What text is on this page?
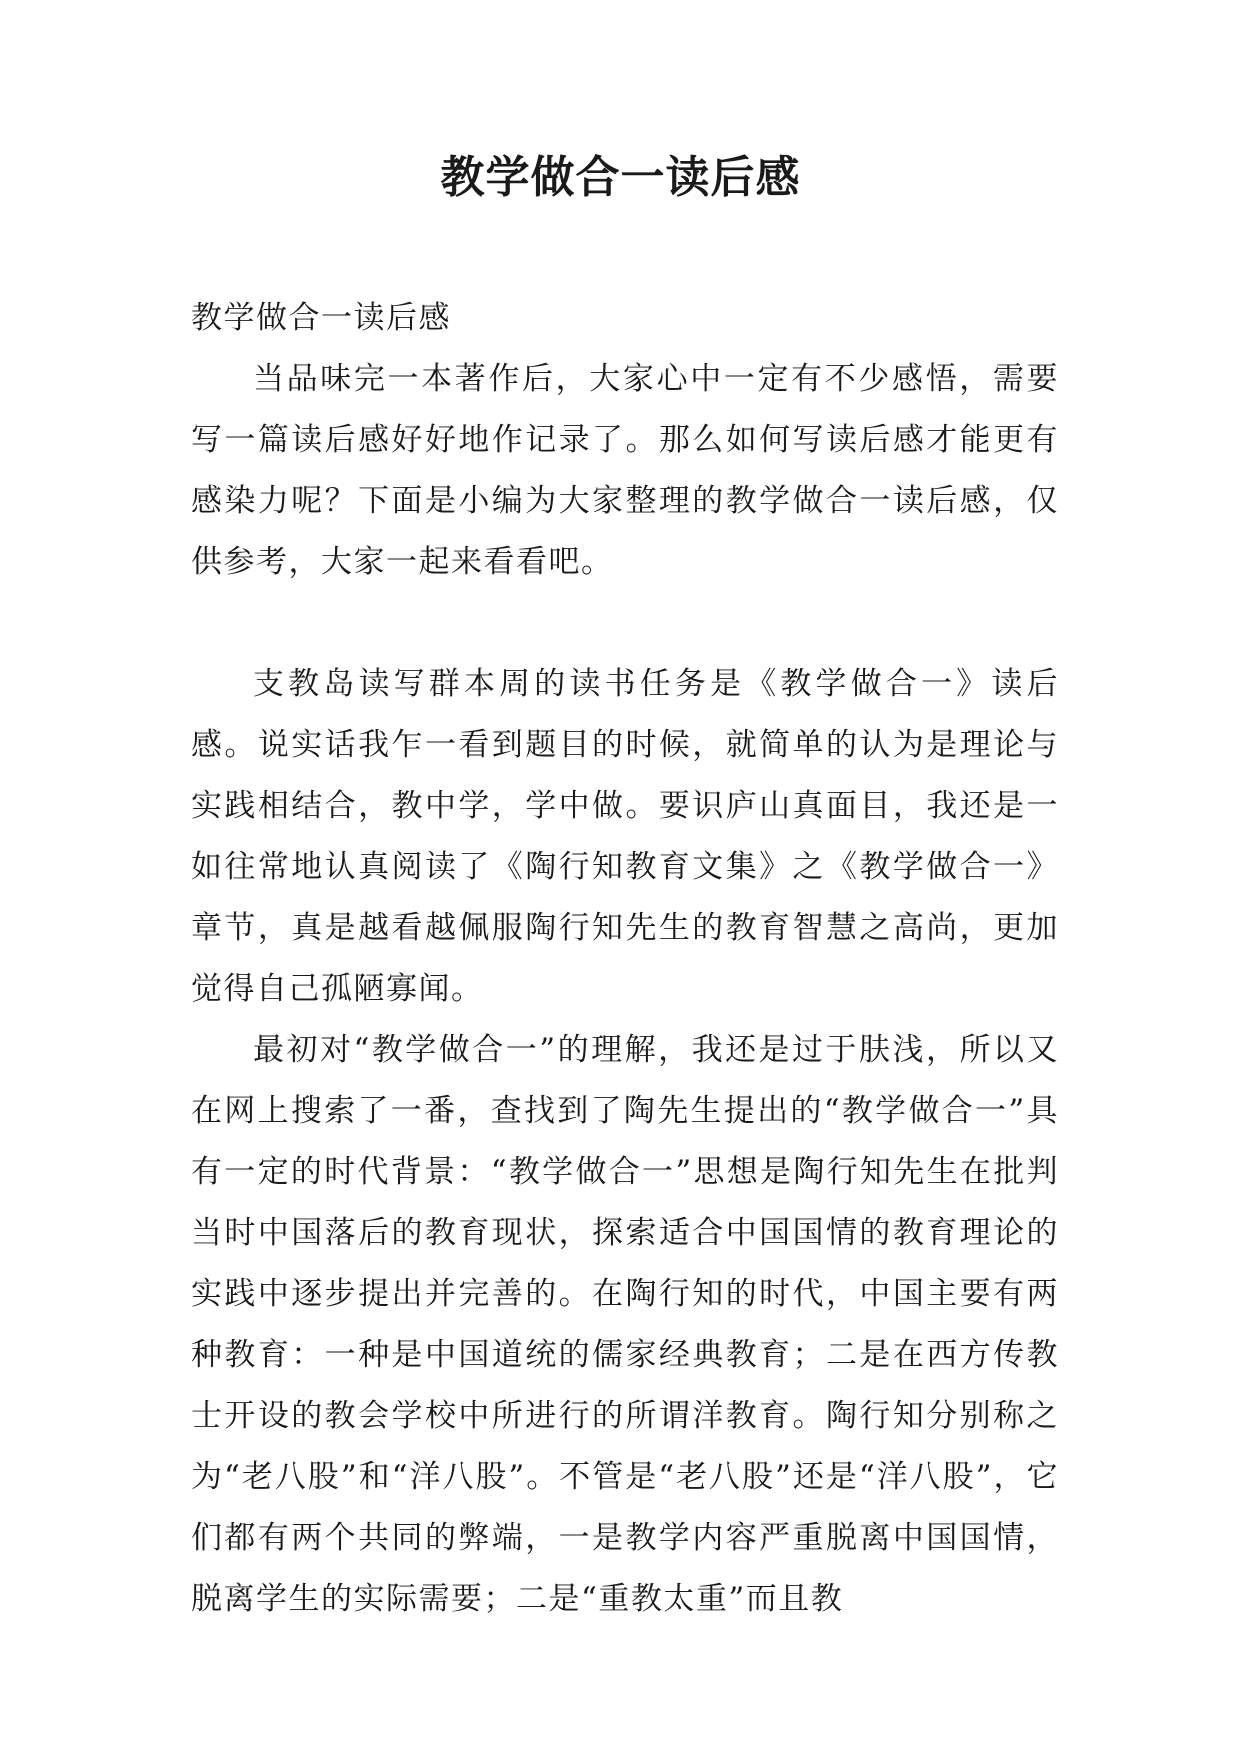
教学做合一读后感

教学做合一读后感

当品味完一本著作后，大家心中一定有不少感悟，需要写一篇读后感好好地作记录了。那么如何写读后感才能更有感染力呢？下面是小编为大家整理的教学做合一读后感，仅供参考，大家一起来看看吧。

支教岛读写群本周的读书任务是《教学做合一》读后感。说实话我乍一看到题目的时候，就简单的认为是理论与实践相结合，教中学，学中做。要识庐山真面目，我还是一如往常地认真阅读了《陶行知教育文集》之《教学做合一》章节，真是越看越佩服陶行知先生的教育智慧之高尚，更加觉得自己孤陋寡闻。

最初对“教学做合一”的理解，我还是过于肤浅，所以又在网上搜索了一番，查找到了陶先生提出的“教学做合一”具有一定的时代背景：“教学做合一”思想是陶行知先生在批判当时中国落后的教育现状，探索适合中国国情的教育理论的实践中逐步提出并完善的。在陶行知的时代，中国主要有两种教育：一种是中国道统的儒家经典教育；二是在西方传教士开设的教会学校中所进行的所谓洋教育。陶行知分别称之为“老八股”和“洋八股”。不管是“老八股”还是“洋八股”，它们都有两个共同的弊端，一是教学内容严重脱离中国国情，脱离学生的实际需要；二是“重教太重”而且教
